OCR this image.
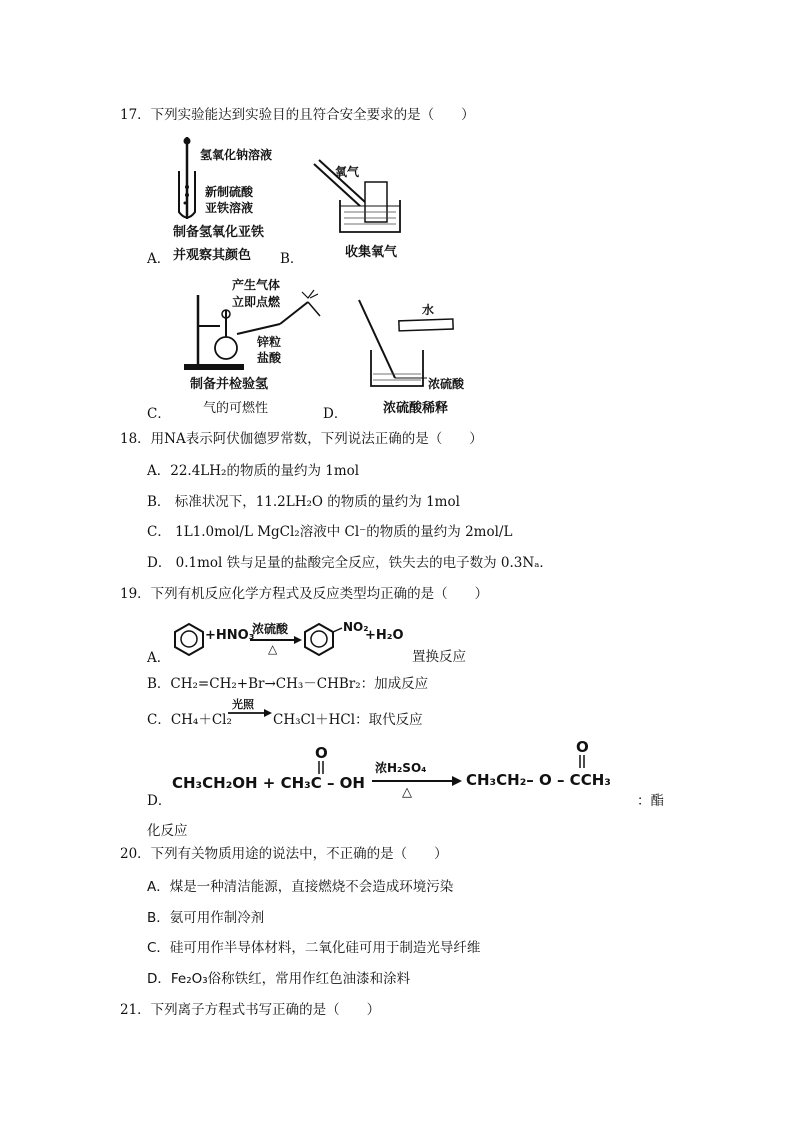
17．下列实验能达到实验目的且符合安全要求的是（　　）
氢氧化钠溶液
新制硫酸
亚铁溶液
制备氢氧化亚铁
A． 并观察其颜色 B．
氧气
收集氧气
产生气体
立即点燃
锌粒
盐酸
制备并检验氢
C． 气的可燃性	D．
水
浓硫酸
浓硫酸稀释
18．用NA表示阿伏伽德罗常数，下列说法正确的是（　　）
A．22.4LH₂的物质的量约为 1mol
B． 标准状况下，11.2LH₂O 的物质的量约为 1mol
C． 1L1.0mol/L MgCl₂溶液中 Cl⁻的物质的量约为 2mol/L
D． 0.1mol 铁与足量的盐酸完全反应，铁失去的电子数为 0.3Nₐ．
19．下列有机反应化学方程式及反应类型均正确的是（　　）
A．
+HNO₃
浓硫酸
△
NO₂
+H₂O
置换反应
B．CH₂=CH₂+Br→CH₃－CHBr₂：加成反应
C．CH₄＋Cl₂
光照
CH₃Cl＋HCl：取代反应
O	O
CH₃CH₂OH + CH₃C – OH
浓H₂SO₄
△
CH₃CH₂– O – CCH₃
D．	：酯
化反应
20．下列有关物质用途的说法中，不正确的是（　　）
A．煤是一种清洁能源，直接燃烧不会造成环境污染
B．氨可用作制冷剂
C．硅可用作半导体材料，二氧化硅可用于制造光导纤维
D．Fe₂O₃俗称铁红，常用作红色油漆和涂料
21．下列离子方程式书写正确的是（　　）
